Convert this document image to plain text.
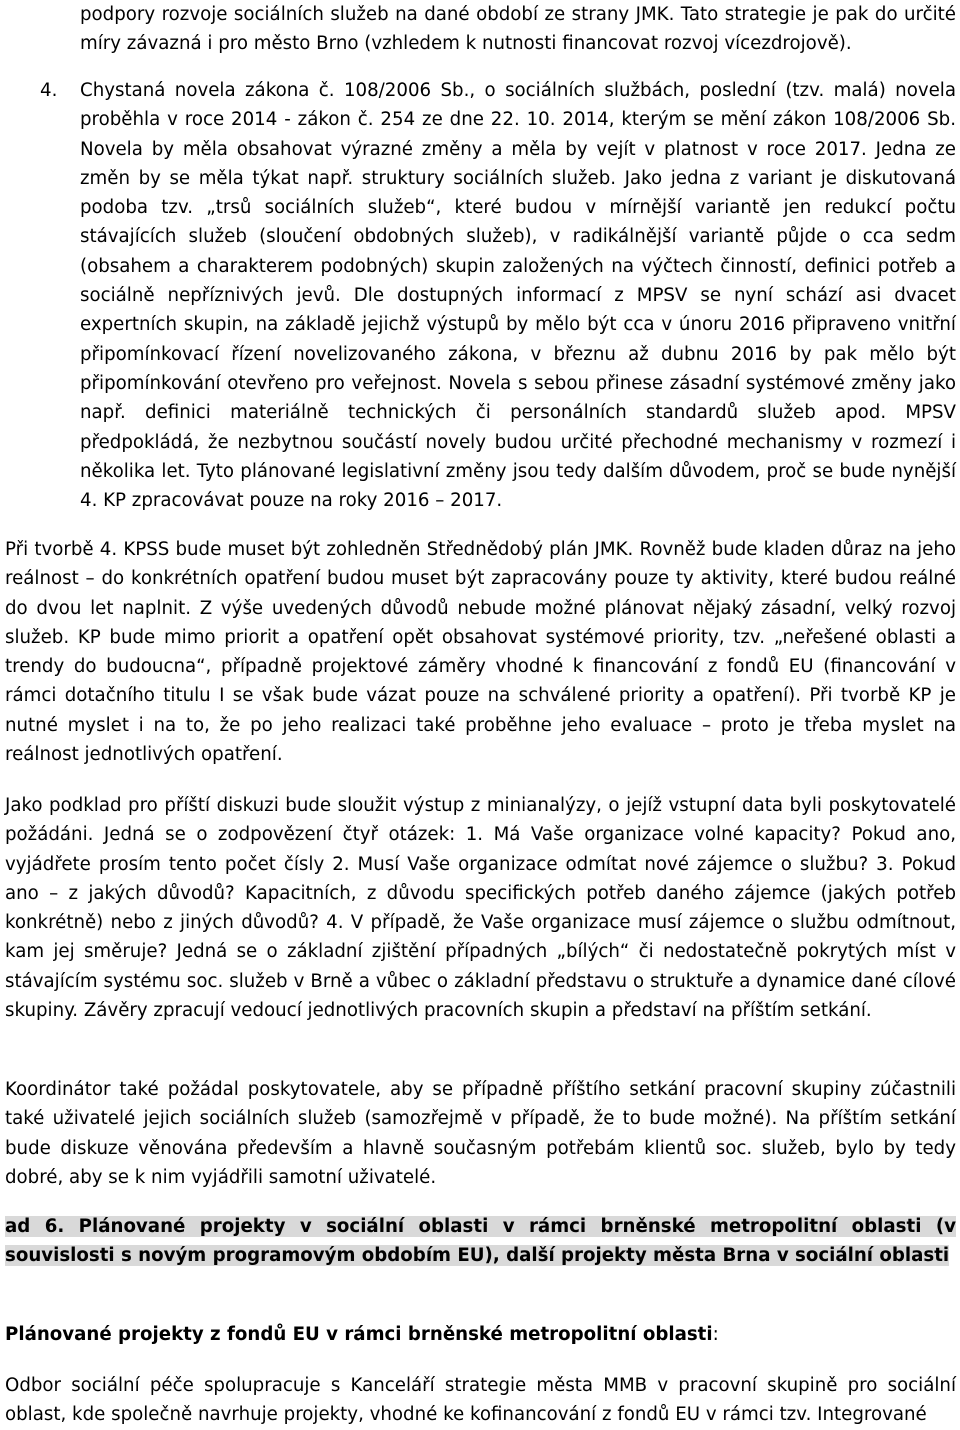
podpory rozvoje sociálních služeb na dané období ze strany JMK. Tato strategie je pak do určité míry závazná i pro město Brno (vzhledem k nutnosti financovat rozvoj vícezdrojově).

4. Chystaná novela zákona č. 108/2006 Sb., o sociálních službách, poslední (tzv. malá) novela proběhla v roce 2014 - zákon č. 254 ze dne 22. 10. 2014, kterým se mění zákon 108/2006 Sb. Novela by měla obsahovat výrazné změny a měla by vejít v platnost v roce 2017. Jedna ze změn by se měla týkat např. struktury sociálních služeb. Jako jedna z variant je diskutovaná podoba tzv. „trsů sociálních služeb“, které budou v mírnější variantě jen redukcí počtu stávajících služeb (sloučení obdobných služeb), v radikálnější variantě půjde o cca sedm (obsahem a charakterem podobných) skupin založených na výčtech činností, definici potřeb a sociálně nepříznivých jevů. Dle dostupných informací z MPSV se nyní schází asi dvacet expertních skupin, na základě jejichž výstupů by mělo být cca v únoru 2016 připraveno vnitřní připomínkovací řízení novelizovaného zákona, v březnu až dubnu 2016 by pak mělo být připomínkování otevřeno pro veřejnost. Novela s sebou přinese zásadní systémové změny jako např. definici materiálně technických či personálních standardů služeb apod. MPSV předpokládá, že nezbytnou součástí novely budou určité přechodné mechanismy v rozmezí i několika let. Tyto plánované legislativní změny jsou tedy dalším důvodem, proč se bude nynější 4. KP zpracovávat pouze na roky 2016 – 2017.

Při tvorbě 4. KPSS bude muset být zohledněn Střednědobý plán JMK. Rovněž bude kladen důraz na jeho reálnost – do konkrétních opatření budou muset být zapracovány pouze ty aktivity, které budou reálné do dvou let naplnit. Z výše uvedených důvodů nebude možné plánovat nějaký zásadní, velký rozvoj služeb. KP bude mimo priorit a opatření opět obsahovat systémové priority, tzv. „neřešené oblasti a trendy do budoucna“, případně projektové záměry vhodné k financování z fondů EU (financování v rámci dotačního titulu I se však bude vázat pouze na schválené priority a opatření). Při tvorbě KP je nutné myslet i na to, že po jeho realizaci také proběhne jeho evaluace – proto je třeba myslet na reálnost jednotlivých opatření.

Jako podklad pro příští diskuzi bude sloužit výstup z minianalýzy, o jejíž vstupní data byli poskytovatelé požádáni. Jedná se o zodpovězení čtyř otázek: 1. Má Vaše organizace volné kapacity? Pokud ano, vyjádřete prosím tento počet čísly 2. Musí Vaše organizace odmítat nové zájemce o službu? 3. Pokud ano – z jakých důvodů? Kapacitních, z důvodu specifických potřeb daného zájemce (jakých potřeb konkrétně) nebo z jiných důvodů? 4. V případě, že Vaše organizace musí zájemce o službu odmítnout, kam jej směruje? Jedná se o základní zjištění případných „bílých“ či nedostatečně pokrytých míst v stávajícím systému soc. služeb v Brně a vůbec o základní představu o struktuře a dynamice dané cílové skupiny. Závěry zpracují vedoucí jednotlivých pracovních skupin a představí na příštím setkání.

Koordinátor také požádal poskytovatele, aby se případně příštího setkání pracovní skupiny zúčastnili také uživatelé jejich sociálních služeb (samozřejmě v případě, že to bude možné). Na příštím setkání bude diskuze věnována především a hlavně současným potřebám klientů soc. služeb, bylo by tedy dobré, aby se k nim vyjádřili samotní uživatelé.

ad 6. Plánované projekty v sociální oblasti v rámci brněnské metropolitní oblasti (v souvislosti s novým programovým obdobím EU), další projekty města Brna v sociální oblasti

Plánované projekty z fondů EU v rámci brněnské metropolitní oblasti:

Odbor sociální péče spolupracuje s Kanceláří strategie města MMB v pracovní skupině pro sociální oblast, kde společně navrhuje projekty, vhodné ke kofinancování z fondů EU v rámci tzv. Integrované
